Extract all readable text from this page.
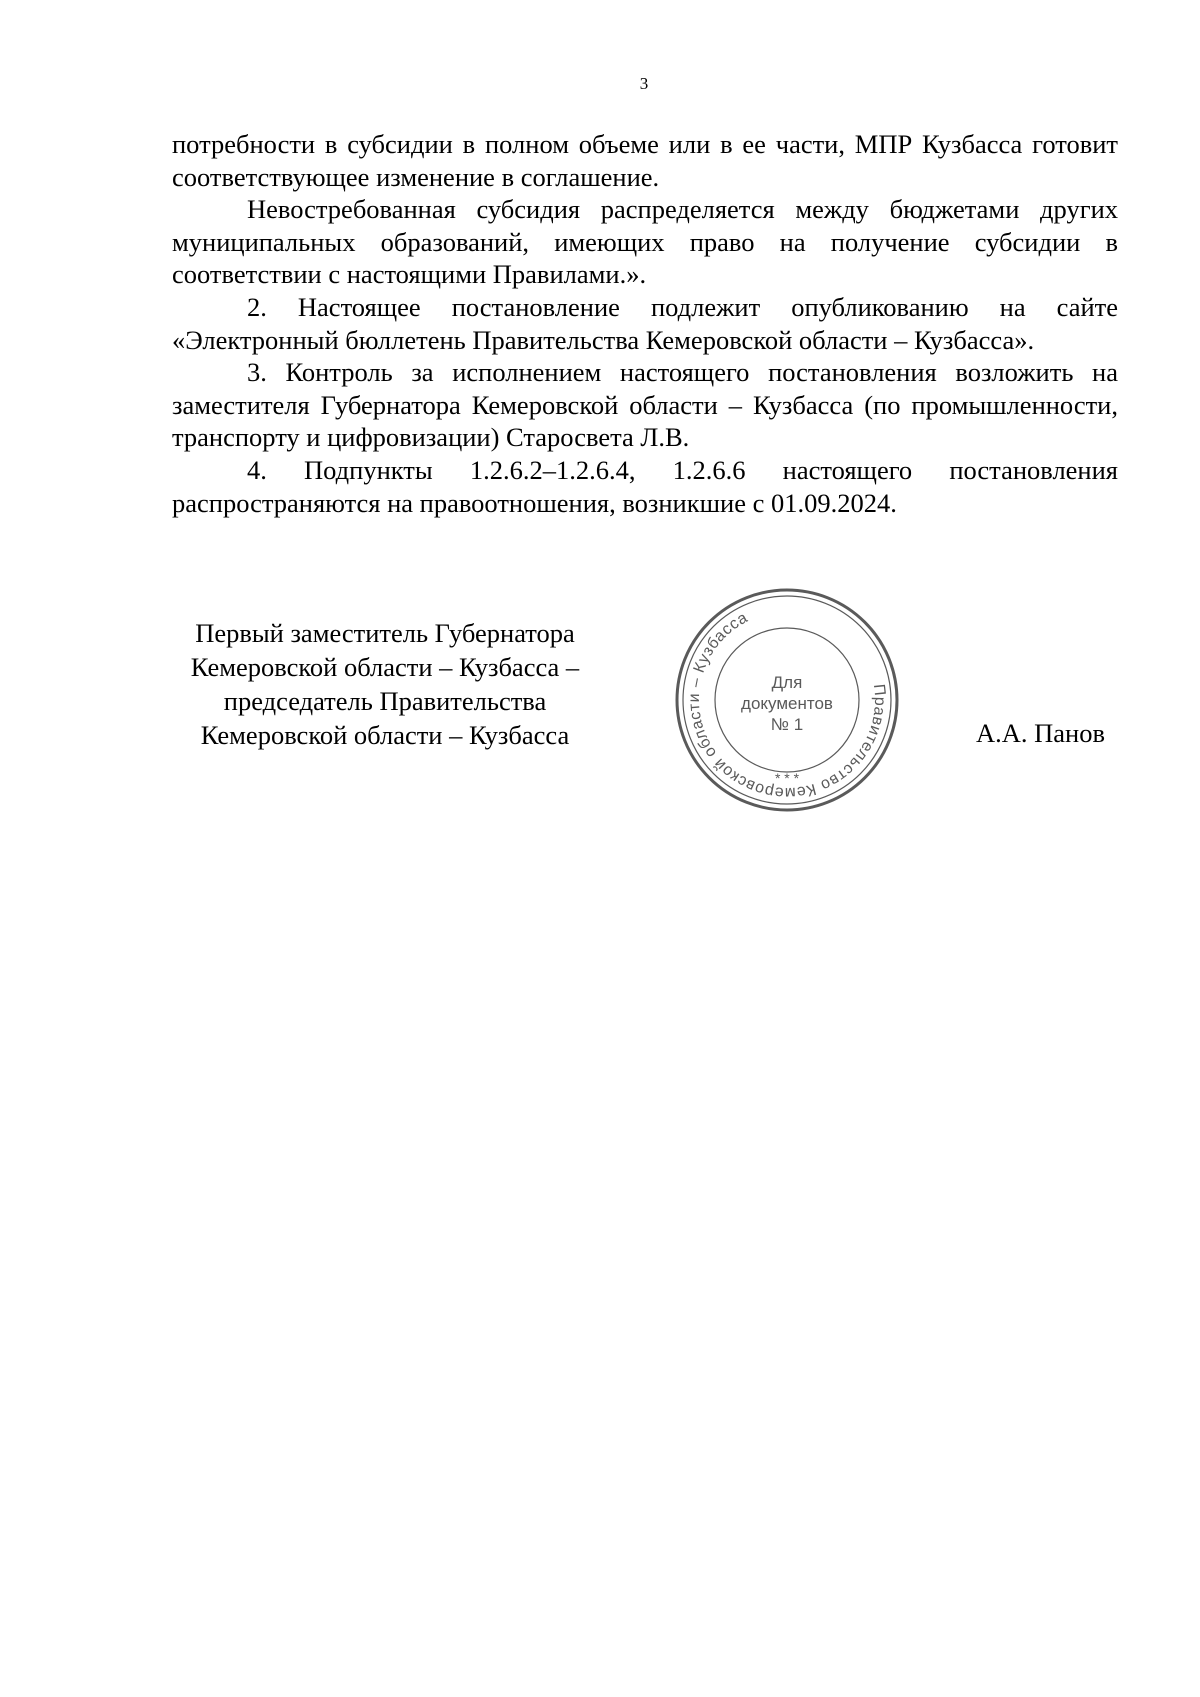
3

потребности в субсидии в полном объеме или в ее части, МПР Кузбасса готовит соответствующее изменение в соглашение.

Невостребованная субсидия распределяется между бюджетами других муниципальных образований, имеющих право на получение субсидии в соответствии с настоящими Правилами.».

2. Настоящее постановление подлежит опубликованию на сайте «Электронный бюллетень Правительства Кемеровской области – Кузбасса».

3. Контроль за исполнением настоящего постановления возложить на заместителя Губернатора Кемеровской области – Кузбасса (по промышленности, транспорту и цифровизации) Старосвета Л.В.

4. Подпункты 1.2.6.2–1.2.6.4, 1.2.6.6 настоящего постановления распространяются на правоотношения, возникшие с 01.09.2024.

Первый заместитель Губернатора
Кемеровской области – Кузбасса –
председатель Правительства
Кемеровской области – Кузбасса
Правительство Кемеровской области – Кузбасса
* * *
Для
документов
№ 1	А.А. Панов
